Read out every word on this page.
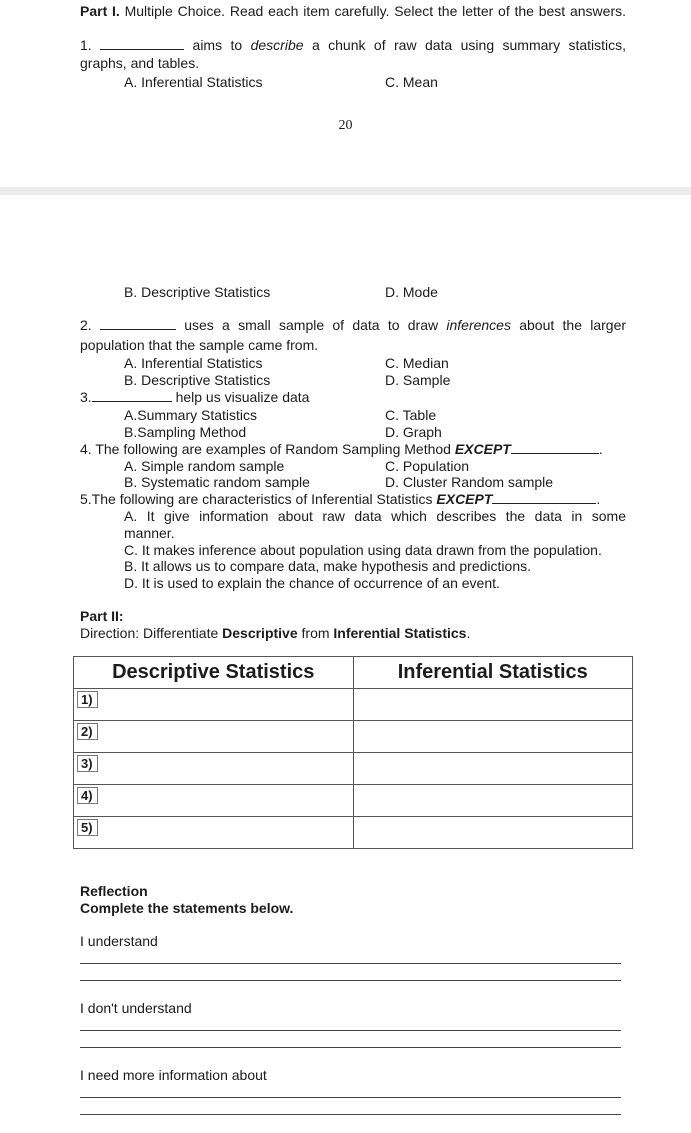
Part I. Multiple Choice. Read each item carefully. Select the letter of the best answers.
1.	aims to describe a chunk of raw data using summary statistics,
graphs, and tables.
A. Inferential Statistics	C. Mean
20
B. Descriptive Statistics	D. Mode
2.	uses a small sample of data to draw inferences about the larger
population that the sample came from.
A. Inferential Statistics	C. Median
B. Descriptive Statistics	D. Sample
3.	help us visualize data
A.Summary Statistics	C. Table
B.Sampling Method	D. Graph
4. The following are examples of Random Sampling Method EXCEPT	.
A. Simple random sample	C. Population
B. Systematic random sample	D. Cluster Random sample
5.The following are characteristics of Inferential Statistics EXCEPT	.
A. It give information about raw data which describes the data in some
manner.
C. It makes inference about population using data drawn from the population.
B. It allows us to compare data, make hypothesis and predictions.
D. It is used to explain the chance of occurrence of an event.
Part II:
Direction: Differentiate Descriptive from Inferential Statistics.
Descriptive Statistics	Inferential Statistics
1)	
2)	
3)	
4)	
5)	
Reflection
Complete the statements below.
I understand
I don't understand
I need more information about
